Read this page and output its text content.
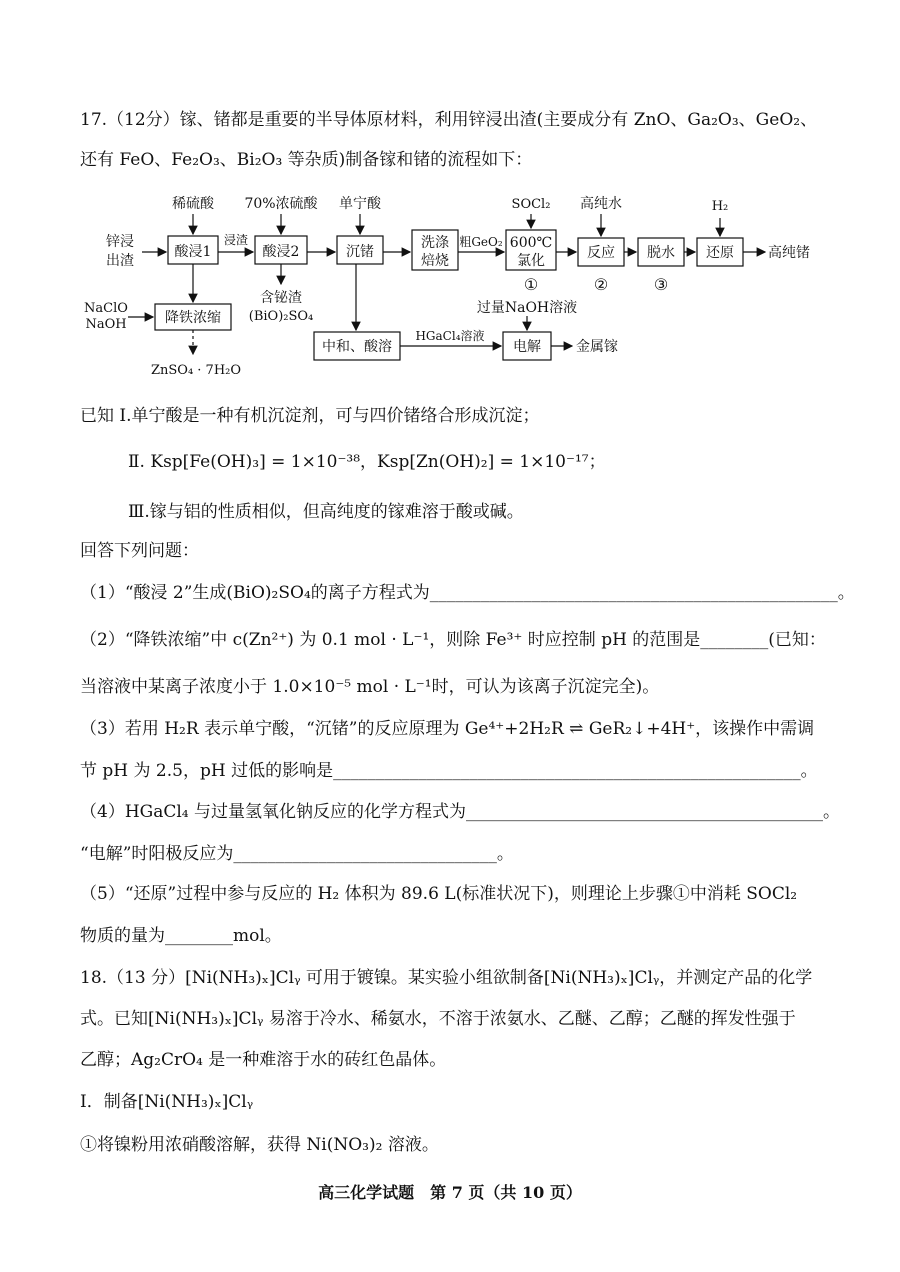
17.（12分）镓、锗都是重要的半导体原材料，利用锌浸出渣(主要成分有 ZnO、Ga₂O₃、GeO₂、
还有 FeO、Fe₂O₃、Bi₂O₃ 等杂质)制备镓和锗的流程如下：
稀硫酸 70%浓硫酸 单宁酸	SOCl₂ 高纯水	H₂
锌浸
出渣
酸浸1
浸渣
酸浸2	沉锗
洗涤
焙烧
粗GeO₂ 600℃
氯化	反应 脱水 还原 高纯锗
①	②	③
NaClO
NaOH	降铁浓缩
含铋渣
(BiO)₂SO₄
ZnSO₄ · 7H₂O
中和、酸溶
HGaCl₄溶液
过量NaOH溶液
电解	金属镓
已知 Ⅰ.单宁酸是一种有机沉淀剂，可与四价锗络合形成沉淀；
Ⅱ. Ksp[Fe(OH)₃] = 1×10⁻³⁸，Ksp[Zn(OH)₂] = 1×10⁻¹⁷；
Ⅲ.镓与铝的性质相似，但高纯度的镓难溶于酸或碱。
回答下列问题：
（1）“酸浸 2”生成(BiO)₂SO₄的离子方程式为________________________________________________。
（2）“降铁浓缩”中 c(Zn²⁺) 为 0.1 mol · L⁻¹，则除 Fe³⁺ 时应控制 pH 的范围是________(已知：
当溶液中某离子浓度小于 1.0×10⁻⁵ mol · L⁻¹时，可认为该离子沉淀完全)。
（3）若用 H₂R 表示单宁酸，“沉锗”的反应原理为 Ge⁴⁺+2H₂R ⇌ GeR₂↓+4H⁺，该操作中需调
节 pH 为 2.5，pH 过低的影响是_______________________________________________________。
（4）HGaCl₄ 与过量氢氧化钠反应的化学方程式为__________________________________________。
“电解”时阳极反应为_______________________________。
（5）“还原”过程中参与反应的 H₂ 体积为 89.6 L(标准状况下)，则理论上步骤①中消耗 SOCl₂
物质的量为________mol。
18.（13 分）[Ni(NH₃)ₓ]Clᵧ 可用于镀镍。某实验小组欲制备[Ni(NH₃)ₓ]Clᵧ，并测定产品的化学
式。已知[Ni(NH₃)ₓ]Clᵧ 易溶于冷水、稀氨水，不溶于浓氨水、乙醚、乙醇；乙醚的挥发性强于
乙醇；Ag₂CrO₄ 是一种难溶于水的砖红色晶体。
Ⅰ．制备[Ni(NH₃)ₓ]Clᵧ
①将镍粉用浓硝酸溶解，获得 Ni(NO₃)₂ 溶液。
高三化学试题　第 7 页（共 10 页）
